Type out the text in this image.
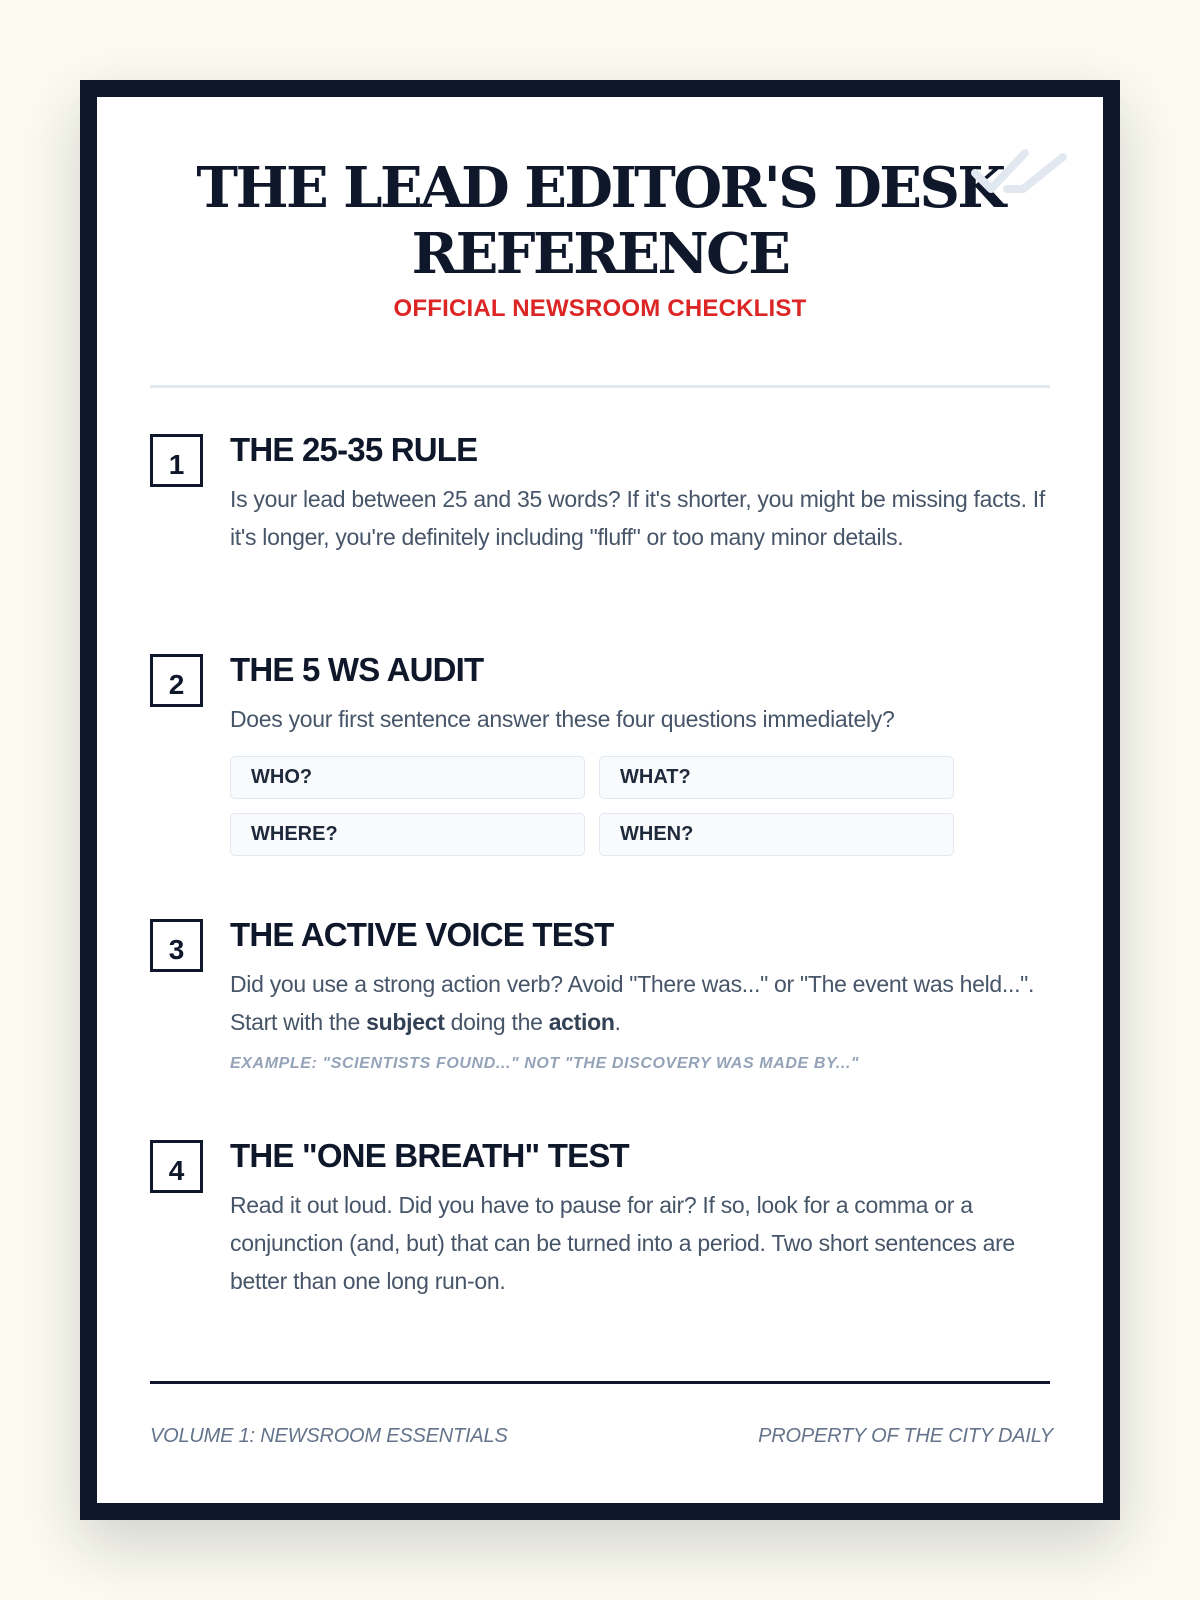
THE LEAD EDITOR'S DESK REFERENCE
OFFICIAL NEWSROOM CHECKLIST
1	THE 25-35 RULE

Is your lead between 25 and 35 words? If it's shorter, you might be missing facts. If it's longer, you're definitely including "fluff" or too many minor details.

2	THE 5 WS AUDIT

Does your first sentence answer these four questions immediately?

WHO?	WHAT?
WHERE?	WHEN?
3	THE ACTIVE VOICE TEST

Did you use a strong action verb? Avoid "There was..." or "The event was held...". Start with the subject doing the action.

EXAMPLE: "SCIENTISTS FOUND..." NOT "THE DISCOVERY WAS MADE BY..."
4	THE "ONE BREATH" TEST

Read it out loud. Did you have to pause for air? If so, look for a comma or a conjunction (and, but) that can be turned into a period. Two short sentences are better than one long run-on.

VOLUME 1: NEWSROOM ESSENTIALS	PROPERTY OF THE CITY DAILY
